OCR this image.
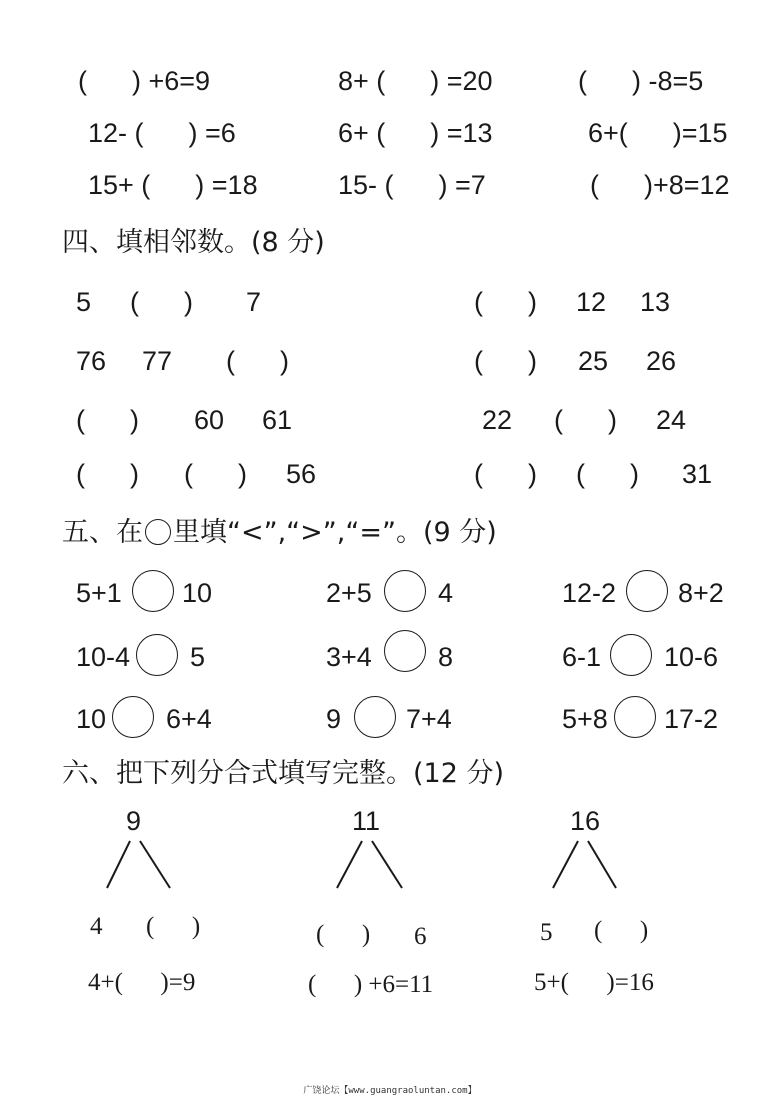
(      ) +6=9	8+ (      ) =20	(      ) -8=5
12- (      ) =6	6+ (      ) =13	6+(      )=15
15+ (      ) =18	15- (      ) =7	(      )+8=12
四、填相邻数。(8 分)
5 (      ) 7	(      ) 12 13
76 77 (      )	(      ) 25 26
(      ) 60 61	22 (      ) 24
(      ) (      ) 56	(      ) (      ) 31
五、在 里填“<”,“>”,“=”。(9 分)
5+1 10	2+5 4	12-2 8+2
10-4 5	3+4 8	6-1 10-6
10 6+4	9 7+4	5+8 17-2
六、把下列分合式填写完整。(12 分)
9
4 (      )
4+(      )=9
11
(      ) 6
(      ) +6=11
16
5 (      )
5+(      )=16
广饶论坛【www.guangraoluntan.com】
